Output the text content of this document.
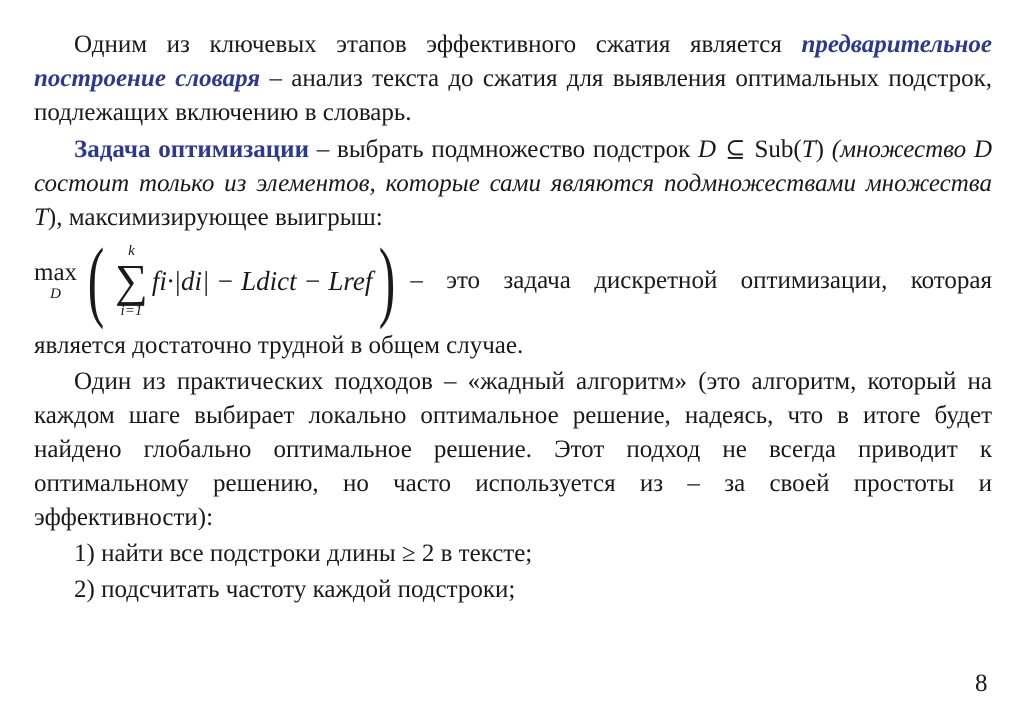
Одним из ключевых этапов эффективного сжатия является предварительное построение словаря – анализ текста до сжатия для выявления оптимальных подстрок, подлежащих включению в словарь.

Задача оптимизации – выбрать подмножество подстрок D ⊆ Sub(T) (множество D состоит только из элементов, которые сами являются подмножествами множества T), максимизирующее выигрыш:

max
D ( k
∑
i=1
fi·|di| − Ldict − Lref ) – это задача дискретной оптимизации, которая

является достаточно трудной в общем случае.

Один из практических подходов – «жадный алгоритм» (это алгоритм, который на каждом шаге выбирает локально оптимальное решение, надеясь, что в итоге будет найдено глобально оптимальное решение. Этот подход не всегда приводит к оптимальному решению, но часто используется из – за своей простоты и эффективности):

1) найти все подстроки длины ≥ 2 в тексте;

2) подсчитать частоту каждой подстроки;

8
